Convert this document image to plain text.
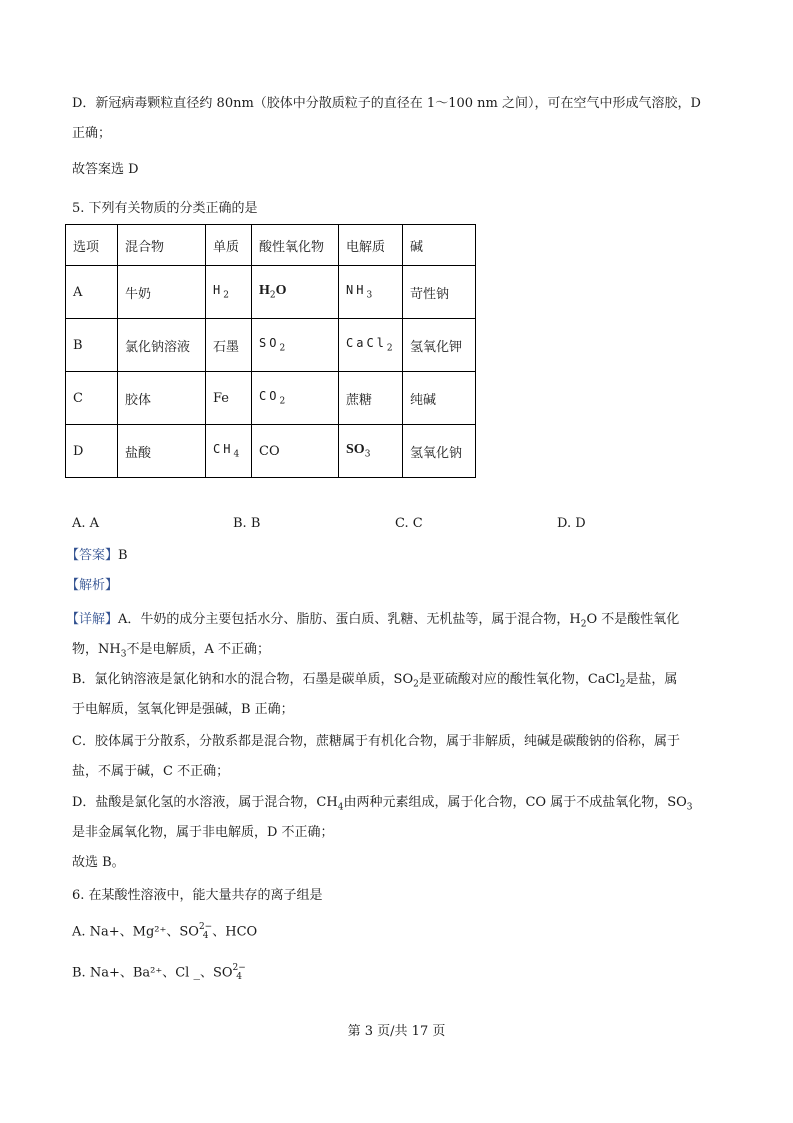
D．新冠病毒颗粒直径约 80nm（胶体中分散质粒子的直径在 1～100 nm 之间），可在空气中形成气溶胶，D
正确；
故答案选 D
5. 下列有关物质的分类正确的是
选项	混合物	单质	酸性氧化物	电解质	碱
A	牛奶	$H_2$	$H_2O$	$NH_3$	苛性钠
B	氯化钠溶液	石墨	$SO_2$	CaCl$_2$	氢氧化钾
C	胶体	Fe	$CO_2$	蔗糖	纯碱
D	盐酸	$CH_4$	CO	$SO_3$	氢氧化钠
A. A	B. B	C. C	D. D
【答案】B
【解析】
【详解】A．牛奶的成分主要包括水分、脂肪、蛋白质、乳糖、无机盐等，属于混合物，$H_2O$ 不是酸性氧化
物，$NH_3$不是电解质，A 不正确；
B．氯化钠溶液是氯化钠和水的混合物，石墨是碳单质，$SO_2$是亚硫酸对应的酸性氧化物，CaCl$_2$是盐，属
于电解质，氢氧化钾是强碱，B 正确；
C．胶体属于分散系，分散系都是混合物，蔗糖属于有机化合物，属于非解质，纯碱是碳酸钠的俗称，属于
盐，不属于碱，C 不正确；
D．盐酸是氯化氢的水溶液，属于混合物，$CH_4$由两种元素组成，属于化合物，CO 属于不成盐氧化物，$SO_3$
是非金属氧化物，属于非电解质，D 不正确；
故选 B。
6. 在某酸性溶液中，能大量共存的离子组是
A. Na+、Mg²⁺、SO 2−
4 、HCO
B. Na+、Ba²⁺、Cl _、SO 2−
4
第 3 页/共 17 页
